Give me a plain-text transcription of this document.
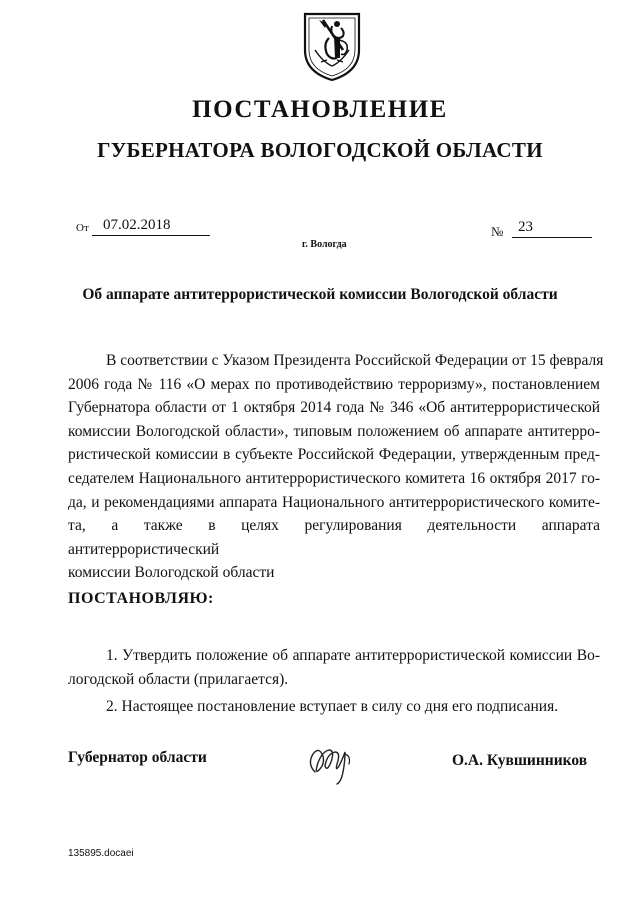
ПОСТАНОВЛЕНИЕ
ГУБЕРНАТОРА ВОЛОГОДСКОЙ ОБЛАСТИ
От 07.02.2018
г. Вологда
№ 23
Об аппарате антитеррористической комиссии Вологодской области
В соответствии с Указом Президента Российской Федерации от 15 февраля
2006 года № 116 «О мерах по противодействию терроризму», постановлением
Губернатора области от 1 октября 2014 года № 346 «Об антитеррористической
комиссии Вологодской области», типовым положением об аппарате антитерро-
ристической комиссии в субъекте Российской Федерации, утвержденным пред-
седателем Национального антитеррористического комитета 16 октября 2017 го-
да, и рекомендациями аппарата Национального антитеррористического комите-
та, а также в целях регулирования деятельности аппарата антитеррористический
комиссии Вологодской области
ПОСТАНОВЛЯЮ:
1. Утвердить положение об аппарате антитеррористической комиссии Во-
логодской области (прилагается).
2. Настоящее постановление вступает в силу со дня его подписания.
Губернатор области	О.А. Кувшинников
135895.docaei
